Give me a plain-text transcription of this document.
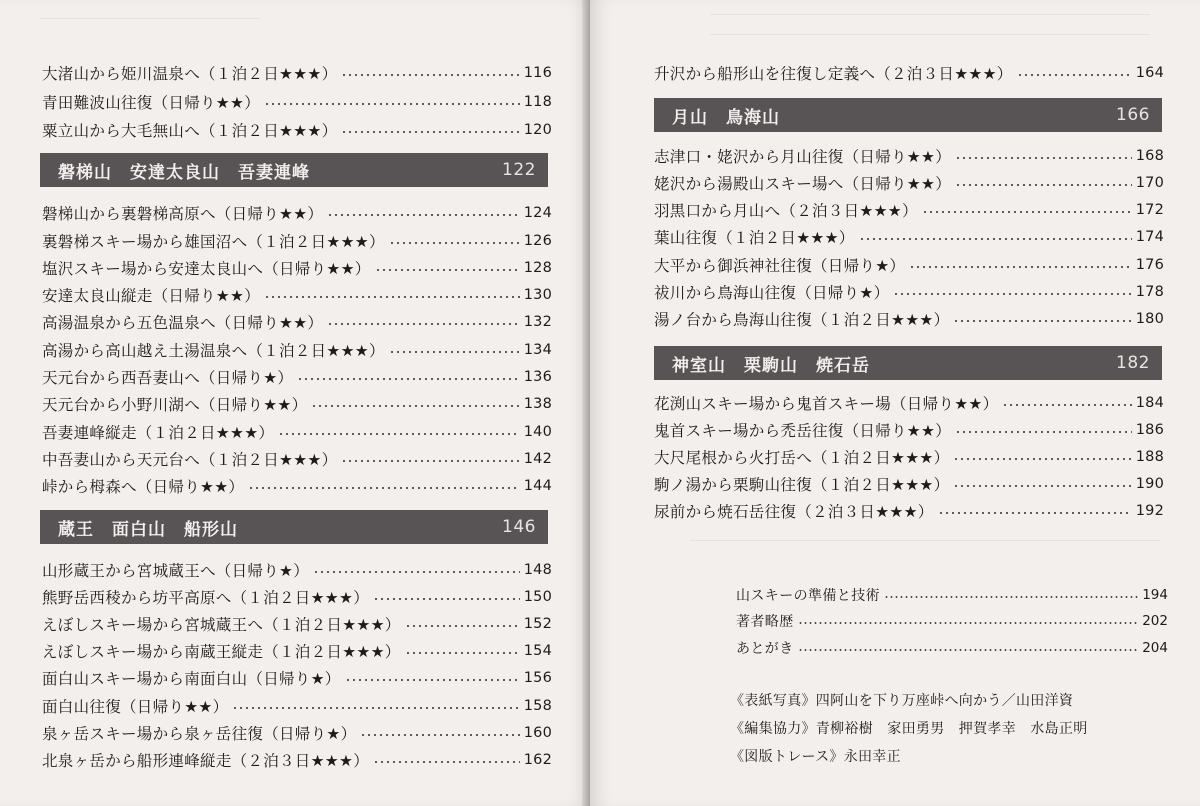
大渚山から姫川温泉へ（１泊２日★★★）	116
青田難波山往復（日帰り★★）	118
粟立山から大毛無山へ（１泊２日★★★）	120
磐梯山　安達太良山　吾妻連峰	122
磐梯山から裏磐梯高原へ（日帰り★★）	124
裏磐梯スキー場から雄国沼へ（１泊２日★★★）	126
塩沢スキー場から安達太良山へ（日帰り★★）	128
安達太良山縦走（日帰り★★）	130
高湯温泉から五色温泉へ（日帰り★★）	132
高湯から高山越え土湯温泉へ（１泊２日★★★）	134
天元台から西吾妻山へ（日帰り★）	136
天元台から小野川湖へ（日帰り★★）	138
吾妻連峰縦走（１泊２日★★★）	140
中吾妻山から天元台へ（１泊２日★★★）	142
峠から栂森へ（日帰り★★）	144
蔵王　面白山　船形山	146
山形蔵王から宮城蔵王へ（日帰り★）	148
熊野岳西稜から坊平高原へ（１泊２日★★★）	150
えぼしスキー場から宮城蔵王へ（１泊２日★★★）	152
えぼしスキー場から南蔵王縦走（１泊２日★★★）	154
面白山スキー場から南面白山（日帰り★）	156
面白山往復（日帰り★★）	158
泉ヶ岳スキー場から泉ヶ岳往復（日帰り★）	160
北泉ヶ岳から船形連峰縦走（２泊３日★★★）	162
升沢から船形山を往復し定義へ（２泊３日★★★）	164
月山　鳥海山	166
志津口・姥沢から月山往復（日帰り★★）	168
姥沢から湯殿山スキー場へ（日帰り★★）	170
羽黒口から月山へ（２泊３日★★★）	172
葉山往復（１泊２日★★★）	174
大平から御浜神社往復（日帰り★）	176
祓川から鳥海山往復（日帰り★）	178
湯ノ台から鳥海山往復（１泊２日★★★）	180
神室山　栗駒山　焼石岳	182
花渕山スキー場から鬼首スキー場（日帰り★★）	184
鬼首スキー場から禿岳往復（日帰り★★）	186
大尺尾根から火打岳へ（１泊２日★★★）	188
駒ノ湯から栗駒山往復（１泊２日★★★）	190
尿前から焼石岳往復（２泊３日★★★）	192
山スキーの準備と技術	194
著者略歴	202
あとがき	204
《表紙写真》四阿山を下り万座峠へ向かう／山田洋資
《編集協力》青柳裕樹　家田勇男　押賀孝幸　水島正明
《図版トレース》永田幸正
